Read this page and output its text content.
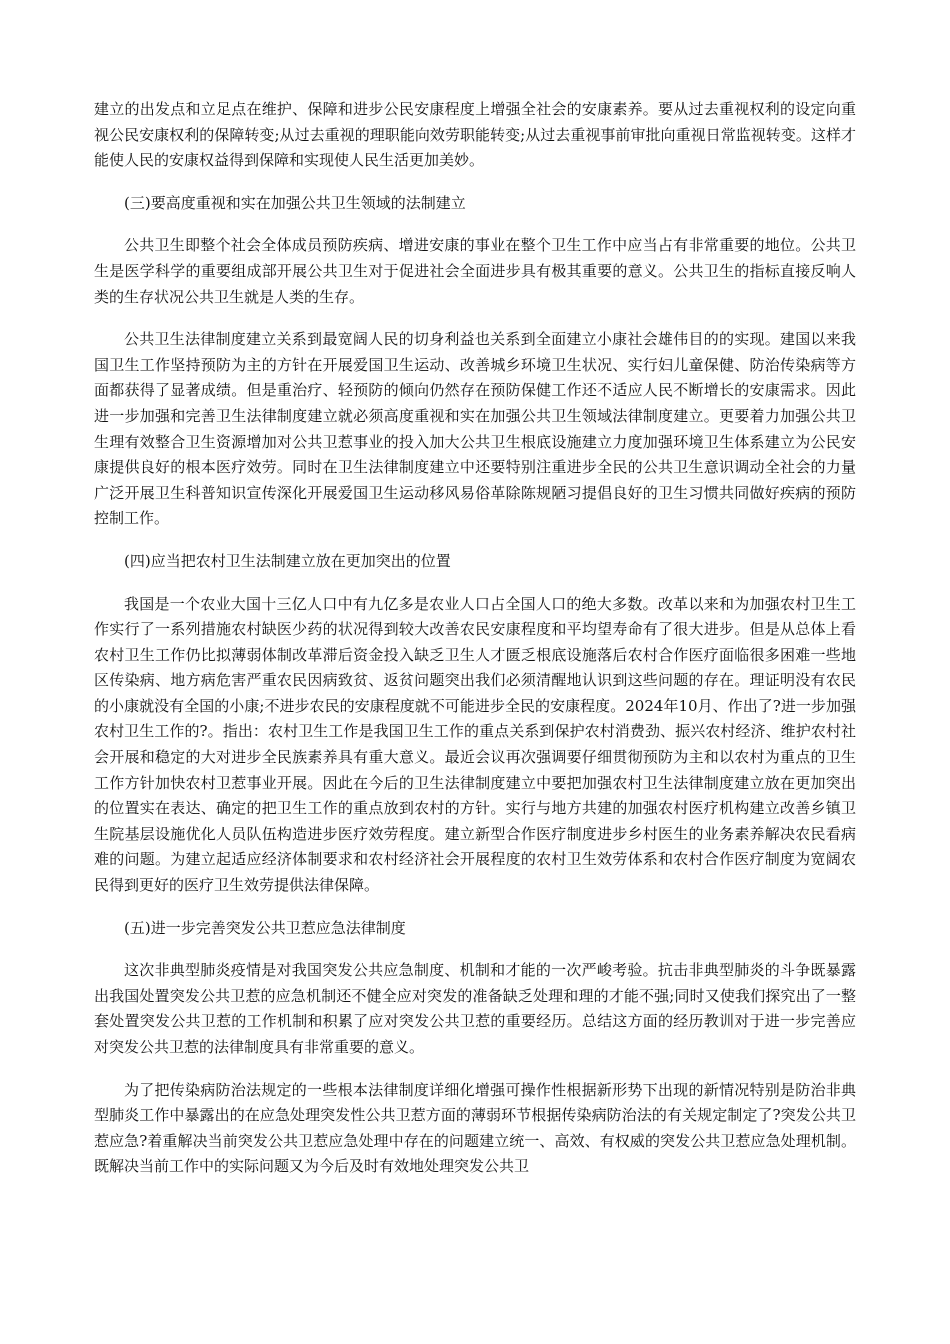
建立的出发点和立足点在维护、保障和进步公民安康程度上增强全社会的安康素养。要从过去重视权利的设定向重视公民安康权利的保障转变;从过去重视的理职能向效劳职能转变;从过去重视事前审批向重视日常监视转变。这样才能使人民的安康权益得到保障和实现使人民生活更加美妙。

(三)要高度重视和实在加强公共卫生领域的法制建立

公共卫生即整个社会全体成员预防疾病、增进安康的事业在整个卫生工作中应当占有非常重要的地位。公共卫生是医学科学的重要组成部开展公共卫生对于促进社会全面进步具有极其重要的意义。公共卫生的指标直接反响人类的生存状况公共卫生就是人类的生存。

公共卫生法律制度建立关系到最宽阔人民的切身利益也关系到全面建立小康社会雄伟目的的实现。建国以来我国卫生工作坚持预防为主的方针在开展爱国卫生运动、改善城乡环境卫生状况、实行妇儿童保健、防治传染病等方面都获得了显著成绩。但是重治疗、轻预防的倾向仍然存在预防保健工作还不适应人民不断增长的安康需求。因此进一步加强和完善卫生法律制度建立就必须高度重视和实在加强公共卫生领域法律制度建立。更要着力加强公共卫生理有效整合卫生资源增加对公共卫惹事业的投入加大公共卫生根底设施建立力度加强环境卫生体系建立为公民安康提供良好的根本医疗效劳。同时在卫生法律制度建立中还要特别注重进步全民的公共卫生意识调动全社会的力量广泛开展卫生科普知识宣传深化开展爱国卫生运动移风易俗革除陈规陋习提倡良好的卫生习惯共同做好疾病的预防控制工作。

(四)应当把农村卫生法制建立放在更加突出的位置

我国是一个农业大国十三亿人口中有九亿多是农业人口占全国人口的绝大多数。改革以来和为加强农村卫生工作实行了一系列措施农村缺医少药的状况得到较大改善农民安康程度和平均望寿命有了很大进步。但是从总体上看农村卫生工作仍比拟薄弱体制改革滞后资金投入缺乏卫生人才匮乏根底设施落后农村合作医疗面临很多困难一些地区传染病、地方病危害严重农民因病致贫、返贫问题突出我们必须清醒地认识到这些问题的存在。理证明没有农民的小康就没有全国的小康;不进步农民的安康程度就不可能进步全民的安康程度。2024年10月、作出了?进一步加强农村卫生工作的?。指出：农村卫生工作是我国卫生工作的重点关系到保护农村消费劲、振兴农村经济、维护农村社会开展和稳定的大对进步全民族素养具有重大意义。最近会议再次强调要仔细贯彻预防为主和以农村为重点的卫生工作方针加快农村卫惹事业开展。因此在今后的卫生法律制度建立中要把加强农村卫生法律制度建立放在更加突出的位置实在表达、确定的把卫生工作的重点放到农村的方针。实行与地方共建的加强农村医疗机构建立改善乡镇卫生院基层设施优化人员队伍构造进步医疗效劳程度。建立新型合作医疗制度进步乡村医生的业务素养解决农民看病难的问题。为建立起适应经济体制要求和农村经济社会开展程度的农村卫生效劳体系和农村合作医疗制度为宽阔农民得到更好的医疗卫生效劳提供法律保障。

(五)进一步完善突发公共卫惹应急法律制度

这次非典型肺炎疫情是对我国突发公共应急制度、机制和才能的一次严峻考验。抗击非典型肺炎的斗争既暴露出我国处置突发公共卫惹的应急机制还不健全应对突发的准备缺乏处理和理的才能不强;同时又使我们探究出了一整套处置突发公共卫惹的工作机制和积累了应对突发公共卫惹的重要经历。总结这方面的经历教训对于进一步完善应对突发公共卫惹的法律制度具有非常重要的意义。

为了把传染病防治法规定的一些根本法律制度详细化增强可操作性根据新形势下出现的新情况特别是防治非典型肺炎工作中暴露出的在应急处理突发性公共卫惹方面的薄弱环节根据传染病防治法的有关规定制定了?突发公共卫惹应急?着重解决当前突发公共卫惹应急处理中存在的问题建立统一、高效、有权威的突发公共卫惹应急处理机制。既解决当前工作中的实际问题又为今后及时有效地处理突发公共卫
